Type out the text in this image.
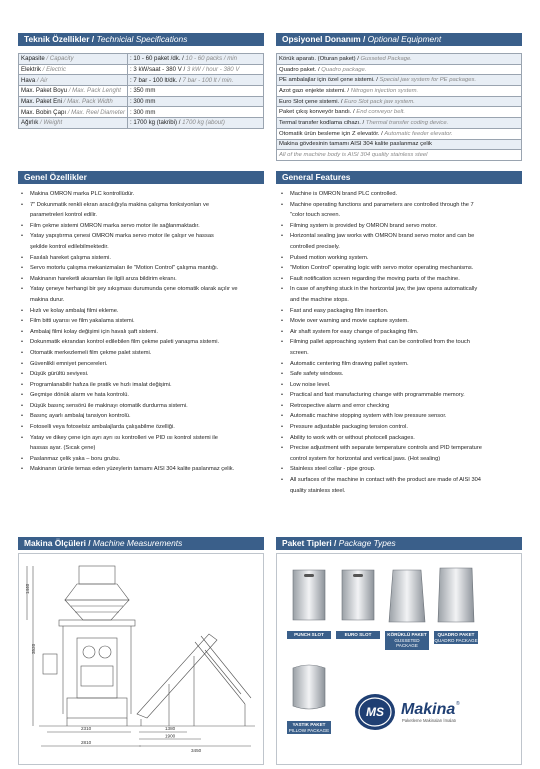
Teknik Özellikler / Technicial Specifications	Opsiyonel Donanım / Optional Equipment
Kapasite / Capacity	: 10 - 60 paket /dk. / 10 - 60 packs / min
Elektrik / Electric	: 3 kW/saat - 380 V / 3 kW / hour - 380 V
Hava / Air	: 7 bar - 100 lt/dk. / 7 bar - 100 lt / min.
Max. Paket Boyu / Max. Pack Lenght	: 350 mm
Max. Paket Eni / Max. Pack Width	: 300 mm
Max. Bobin Çapı / Max. Reel Diameter	: 300 mm
Ağırlık / Weight	: 1700 kg (takribi) / 1700 kg (about)
Körük aparatı. (Oturan paket) / Gusseted Package.
Quadro paket. / Quadro package.
PE ambalajlar için özel çene sistemi. / Special jaw system for PE packages.
Azot gazı enjekte sistemi. / Nitrogen injection system.
Euro Slot çene sistemi. / Euro Slot pack jaw system.
Paket çıkış konveyör bandı. / End conveyor belt.
Termal transfer kodlama cihazı. / Thermal transfer coding device.
Otomatik ürün besleme için Z elevatör. / Automatic feeder elevator.
Makina gövdesinin tamamı AISI 304 kalite paslanmaz çelik
All of the machine body is AISI 304 quality stainless steel
Genel Özellikler	General Features
• Makina OMRON marka PLC kontrollüdür.
• 7" Dokunmatik renkli ekran aracılığıyla makina çalışma fonksiyonları ve
parametreleri kontrol edilir.
• Film çekme sistemi OMRON marka servo motor ile sağlanmaktadır.
• Yatay yapıştırma çenesi OMRON marka servo motor ile çalışır ve hassas
şekilde kontrol edilebilmektedir.
• Fasılalı hareket çalışma sistemi.
• Servo motorlu çalışma mekanizmaları ile "Motion Control" çalışma mantığı.
• Makinanın hareketli aksamları ile ilgili arıza bildirim ekranı.
• Yatay çeneye herhangi bir şey sıkışması durumunda çene otomatik olarak açılır ve
makina durur.
• Hızlı ve kolay ambalaj filmi ekleme.
• Film bitti uyarısı ve film yakalama sistemi.
• Ambalaj filmi kolay değişimi için havalı şaft sistemi.
• Dokunmatik ekrandan kontrol edilebilen film çekme paleti yanaşma sistemi.
• Otomatik merkezlemeli film çekme palet sistemi.
• Güvenlikli emniyet pencereleri.
• Düşük gürültü seviyesi.
• Programlanabilir hafıza ile pratik ve hızlı imalat değişimi.
• Geçmişe dönük alarm ve hata kontrolü.
• Düşük basınç sensörü ile makinayı otomatik durdurma sistemi.
• Basınç ayarlı ambalaj tansiyon kontrolü.
• Fotoselli veya fotoselsiz ambalajlarda çalışabilme özelliği.
• Yatay ve dikey çene için ayrı ayrı ısı kontrolleri ve PID ısı kontrol sistemi ile
hassas ayar. (Sıcak çene)
• Paslanmaz çelik yaka – boru grubu.
• Makinanın ürünle temas eden yüzeylerin tamamı AISI 304 kalite paslanmaz çelik.
• Machine is OMRON brand PLC controlled.
• Machine operating functions and parameters are controlled through the 7
"color touch screen.
• Filming system is provided by OMRON brand servo motor.
• Horizontal sealing jaw works with OMRON brand servo motor and can be
controlled precisely.
• Pulsed motion working system.
• "Motion Control" operating logic with servo motor operating mechanisms.
• Fault notification screen regarding the moving parts of the machine.
• In case of anything stuck in the horizontal jaw, the jaw opens automatically
and the machine stops.
• Fast and easy packaging film insertion.
• Movie over warning and movie capture system.
• Air shaft system for easy change of packaging film.
• Filming pallet approaching system that can be controlled from the touch
screen.
• Automatic centering film drawing pallet system.
• Safe safety windows.
• Low noise level.
• Practical and fast manufacturing change with programmable memory.
• Retrospective alarm and error checking
• Automatic machine stopping system with low pressure sensor.
• Pressure adjustable packaging tension control.
• Ability to work with or without photocell packages.
• Precise adjustment with separate temperature controls and PID temperature
control system for horizontal and vertical jaws. (Hot sealing)
• Stainless steel collar - pipe group.
• All surfaces of the machine in contact with the product are made of AISI 304
quality stainless steel.
Makina Ölçüleri / Machine Measurements	Paket Tipleri / Package Types
1440
3520
2310
2810
1380
1900
3450
PUNCH SLOT	EURO SLOT	KÖRÜKLÜ PAKET
GUSSETED PACKAGE
QUADRO PAKET
QUADRO PACKAGE
YASTIK PAKET
PILLOW PACKAGE
MS Makina ®
Paketleme Makinaları İmalatı
